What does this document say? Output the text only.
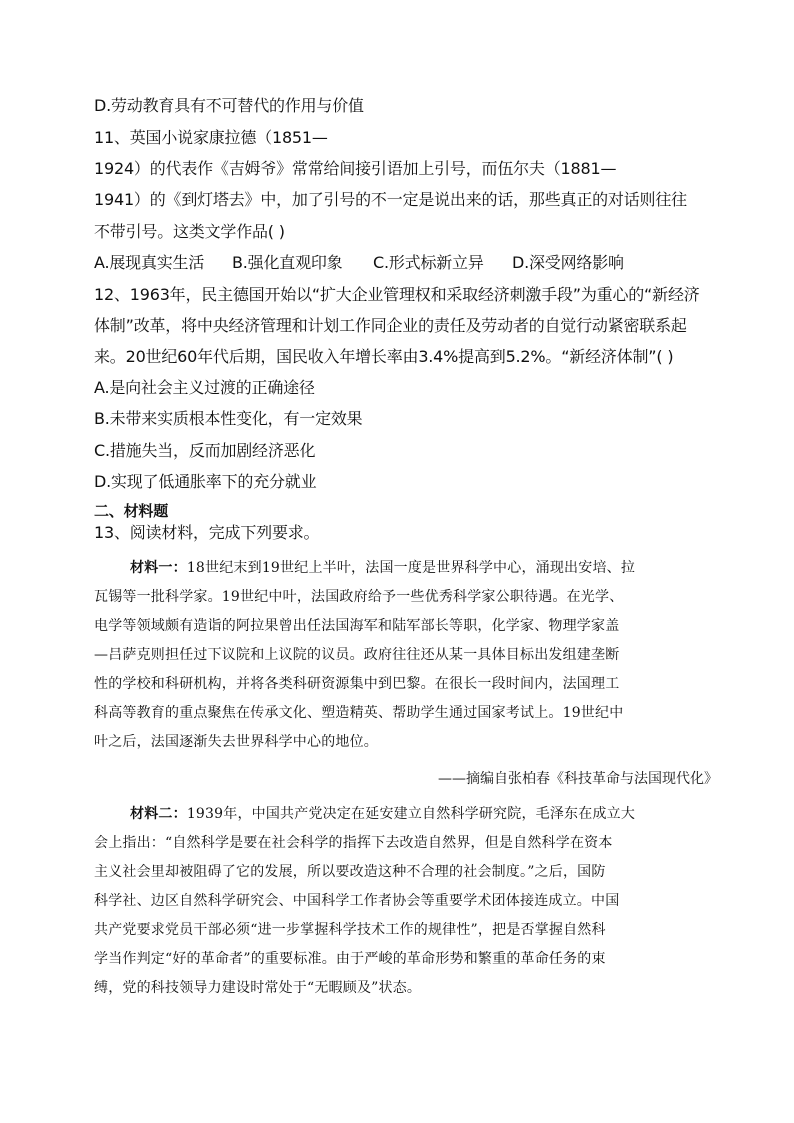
D.劳动教育具有不可替代的作用与价值
11、英国小说家康拉德（1851—
1924）的代表作《吉姆爷》常常给间接引语加上引号，而伍尔夫（1881—
1941）的《到灯塔去》中，加了引号的不一定是说出来的话，那些真正的对话则往往
不带引号。这类文学作品( )
A.展现真实生活 B.强化直观印象 C.形式标新立异 D.深受网络影响
12、1963年，民主德国开始以“扩大企业管理权和采取经济刺激手段”为重心的“新经济
体制”改革，将中央经济管理和计划工作同企业的责任及劳动者的自觉行动紧密联系起
来。20世纪60年代后期，国民收入年增长率由3.4%提高到5.2%。“新经济体制”( )
A.是向社会主义过渡的正确途径
B.未带来实质根本性变化，有一定效果
C.措施失当，反而加剧经济恶化
D.实现了低通胀率下的充分就业
二、材料题
13、阅读材料，完成下列要求。
材料一：18世纪末到19世纪上半叶，法国一度是世界科学中心，涌现出安培、拉
瓦锡等一批科学家。19世纪中叶，法国政府给予一些优秀科学家公职待遇。在光学、
电学等领域颇有造诣的阿拉果曾出任法国海军和陆军部长等职，化学家、物理学家盖
—吕萨克则担任过下议院和上议院的议员。政府往往还从某一具体目标出发组建垄断
性的学校和科研机构，并将各类科研资源集中到巴黎。在很长一段时间内，法国理工
科高等教育的重点聚焦在传承文化、塑造精英、帮助学生通过国家考试上。19世纪中
叶之后，法国逐渐失去世界科学中心的地位。
——摘编自张柏春《科技革命与法国现代化》
材料二：1939年，中国共产党决定在延安建立自然科学研究院，毛泽东在成立大
会上指出：“自然科学是要在社会科学的指挥下去改造自然界，但是自然科学在资本
主义社会里却被阻碍了它的发展，所以要改造这种不合理的社会制度。”之后，国防
科学社、边区自然科学研究会、中国科学工作者协会等重要学术团体接连成立。中国
共产党要求党员干部必须“进一步掌握科学技术工作的规律性”，把是否掌握自然科
学当作判定“好的革命者”的重要标准。由于严峻的革命形势和繁重的革命任务的束
缚，党的科技领导力建设时常处于“无暇顾及”状态。
